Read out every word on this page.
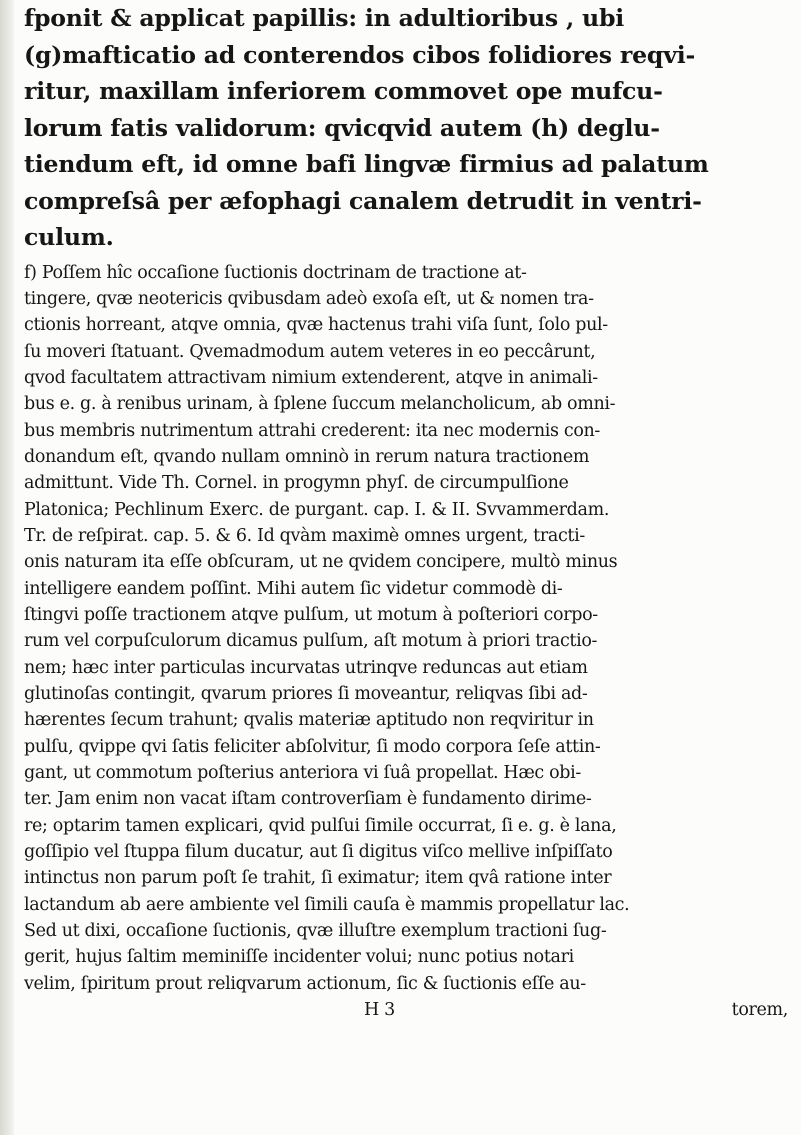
fponit & applicat papillis: in adultioribus , ubi
(g)mafticatio ad conterendos cibos folidiores reqvi-
ritur, maxillam inferiorem commovet ope mufcu-
lorum fatis validorum: qvicqvid autem (h) deglu-
tiendum eft, id omne bafi lingvæ firmius ad palatum
compreſsâ per æfophagi canalem detrudit in ventri-
culum.
f) Poſſem hîc occaſione ſuctionis doctrinam de tractione at-
tingere, qvæ neotericis qvibusdam adeò exoſa eſt, ut & nomen tra-
ctionis horreant, atqve omnia, qvæ hactenus trahi viſa ſunt, ſolo pul-
ſu moveri ſtatuant. Qvemadmodum autem veteres in eo peccârunt,
qvod facultatem attractivam nimium extenderent, atqve in animali-
bus e. g. à renibus urinam, à ſplene ſuccum melancholicum, ab omni-
bus membris nutrimentum attrahi crederent: ita nec modernis con-
donandum eſt, qvando nullam omninò in rerum natura tractionem
admittunt. Vide Th. Cornel. in progymn phyſ. de circumpulſione
Platonica; Pechlinum Exerc. de purgant. cap. I. & II. Svvammerdam.
Tr. de reſpirat. cap. 5. & 6. Id qvàm maximè omnes urgent, tracti-
onis naturam ita eſſe obſcuram, ut ne qvidem concipere, multò minus
intelligere eandem poſſint. Mihi autem ſic videtur commodè di-
ſtingvi poſſe tractionem atqve pulſum, ut motum à poſteriori corpo-
rum vel corpuſculorum dicamus pulſum, aſt motum à priori tractio-
nem; hæc inter particulas incurvatas utrinqve reduncas aut etiam
glutinoſas contingit, qvarum priores ſi moveantur, reliqvas ſibi ad-
hærentes ſecum trahunt; qvalis materiæ aptitudo non reqviritur in
pulſu, qvippe qvi ſatis feliciter abſolvitur, ſi modo corpora ſeſe attin-
gant, ut commotum poſterius anteriora vi ſuâ propellat. Hæc obi-
ter. Jam enim non vacat iſtam controverſiam è fundamento dirime-
re; optarim tamen explicari, qvid pulſui ſimile occurrat, ſi e. g. è lana,
goſſipio vel ſtuppa filum ducatur, aut ſi digitus viſco mellive inſpiſſato
intinctus non parum poſt ſe trahit, ſi eximatur; item qvâ ratione inter
lactandum ab aere ambiente vel ſimili cauſa è mammis propellatur lac.
Sed ut dixi, occaſione ſuctionis, qvæ illuſtre exemplum tractioni ſug-
gerit, hujus ſaltim meminiſſe incidenter volui; nunc potius notari
velim, ſpiritum prout reliqvarum actionum, ſic & ſuctionis eſſe au-
H 3	torem,
